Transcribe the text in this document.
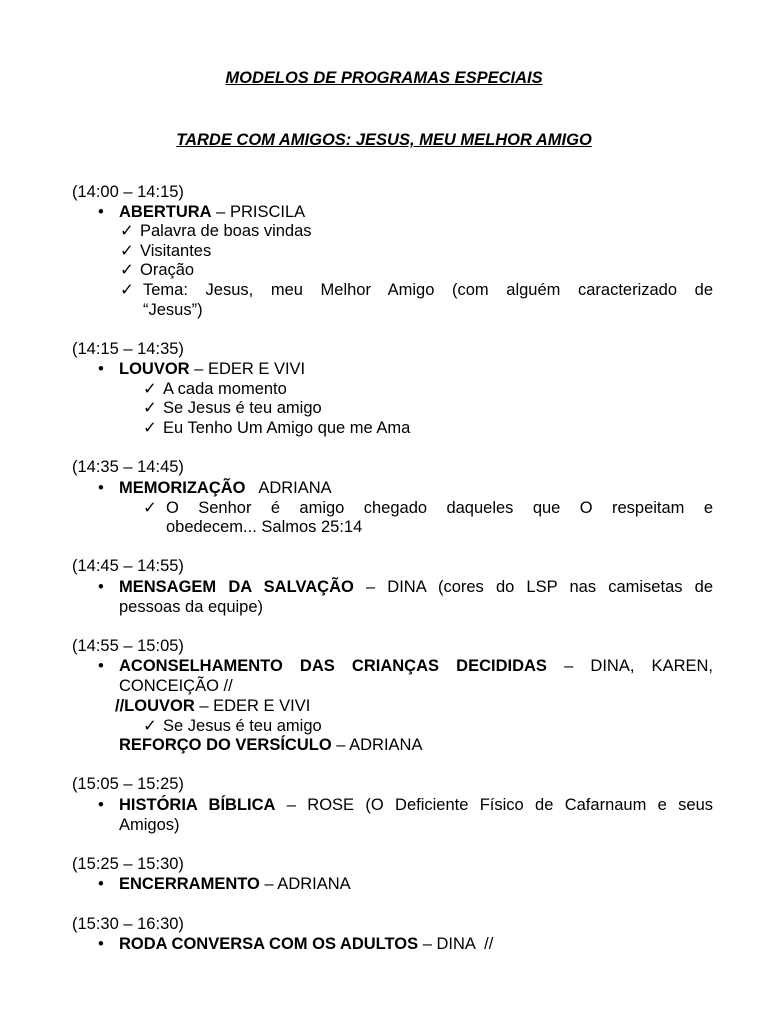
MODELOS DE PROGRAMAS ESPECIAIS
TARDE COM AMIGOS: JESUS, MEU MELHOR AMIGO
(14:00 – 14:15)
• ABERTURA – PRISCILA
✓ Palavra de boas vindas
✓ Visitantes
✓ Oração
✓ Tema: Jesus, meu Melhor Amigo (com alguém caracterizado de
“Jesus”)
(14:15 – 14:35)
• LOUVOR – EDER E VIVI
✓ A cada momento
✓ Se Jesus é teu amigo
✓ Eu Tenho Um Amigo que me Ama
(14:35 – 14:45)
• MEMORIZAÇÃO   ADRIANA
✓ O Senhor é amigo chegado daqueles que O respeitam e
obedecem... Salmos 25:14
(14:45 – 14:55)
• MENSAGEM DA SALVAÇÃO – DINA (cores do LSP nas camisetas de
pessoas da equipe)
(14:55 – 15:05)
• ACONSELHAMENTO DAS CRIANÇAS DECIDIDAS – DINA, KAREN,
CONCEIÇÃO //
//LOUVOR – EDER E VIVI
✓ Se Jesus é teu amigo
REFORÇO DO VERSÍCULO – ADRIANA
(15:05 – 15:25)
• HISTÓRIA BÍBLICA – ROSE (O Deficiente Físico de Cafarnaum e seus
Amigos)
(15:25 – 15:30)
• ENCERRAMENTO – ADRIANA
(15:30 – 16:30)
• RODA CONVERSA COM OS ADULTOS – DINA  //
